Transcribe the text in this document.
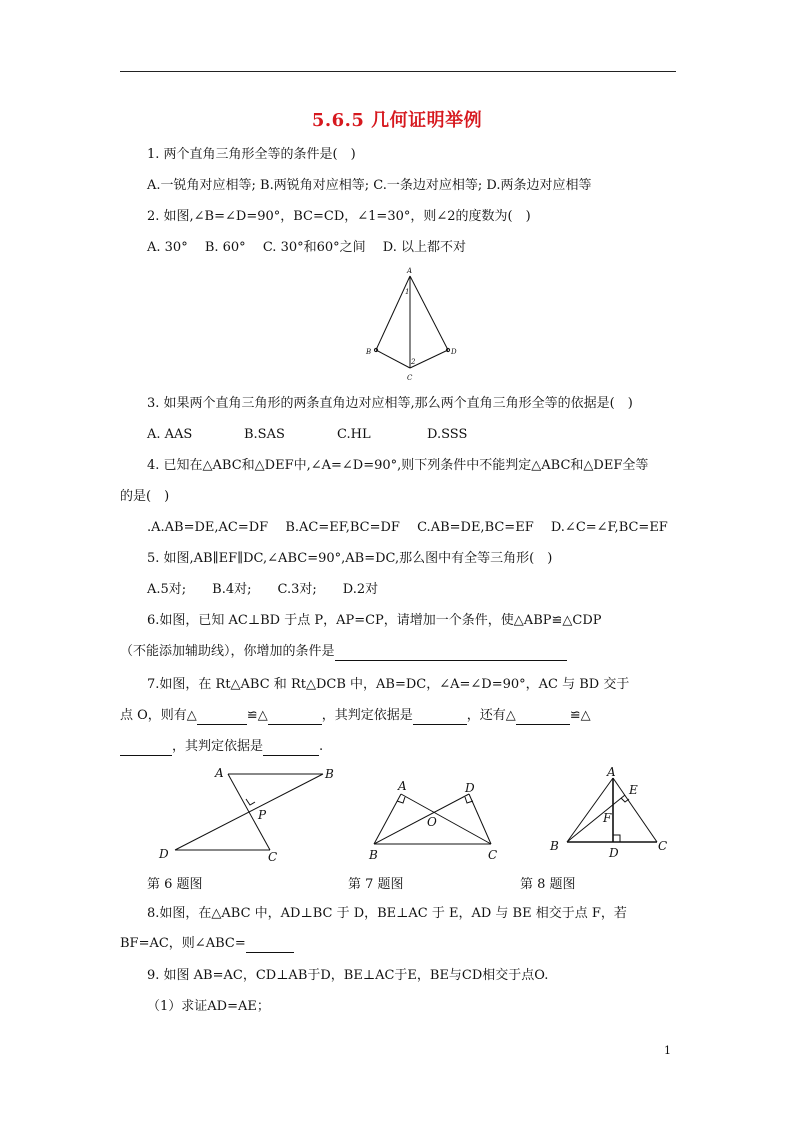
5.6.5 几何证明举例
1. 两个直角三角形全等的条件是(　)
A.一锐角对应相等; B.两锐角对应相等; C.一条边对应相等; D.两条边对应相等
2. 如图,∠B=∠D=90°，BC=CD，∠1=30°，则∠2的度数为(　)
A. 30°　 B. 60°　 C. 30°和60°之间　 D. 以上都不对
A
B	D
C
1
2
3. 如果两个直角三角形的两条直角边对应相等,那么两个直角三角形全等的依据是(　)
A. AAS	B.SAS	C.HL	D.SSS
4. 已知在△ABC和△DEF中,∠A=∠D=90°,则下列条件中不能判定△ABC和△DEF全等
的是(　)
.A.AB=DE,AC=DF　 B.AC=EF,BC=DF　 C.AB=DE,BC=EF　 D.∠C=∠F,BC=EF
5. 如图,AB∥EF∥DC,∠ABC=90°,AB=DC,那么图中有全等三角形(　)
A.5对;　　B.4对;　　C.3对;　　D.2对
6.如图，已知 AC⊥BD 于点 P，AP=CP，请增加一个条件，使△ABP≌△CDP
（不能添加辅助线），你增加的条件是
7.如图，在 Rt△ABC 和 Rt△DCB 中，AB=DC，∠A=∠D=90°，AC 与 BD 交于
点 O，则有△	≌△	，其判定依据是	，还有△	≌△
，其判定依据是	.
A	B
P
D	C
A	D
O
B	C
A
E
F
B	D	C
第 6 题图	第 7 题图	第 8 题图
8.如图，在△ABC 中，AD⊥BC 于 D，BE⊥AC 于 E，AD 与 BE 相交于点 F，若
BF=AC，则∠ABC=
9. 如图 AB=AC，CD⊥AB于D，BE⊥AC于E，BE与CD相交于点O.
（1）求证AD=AE；
1
